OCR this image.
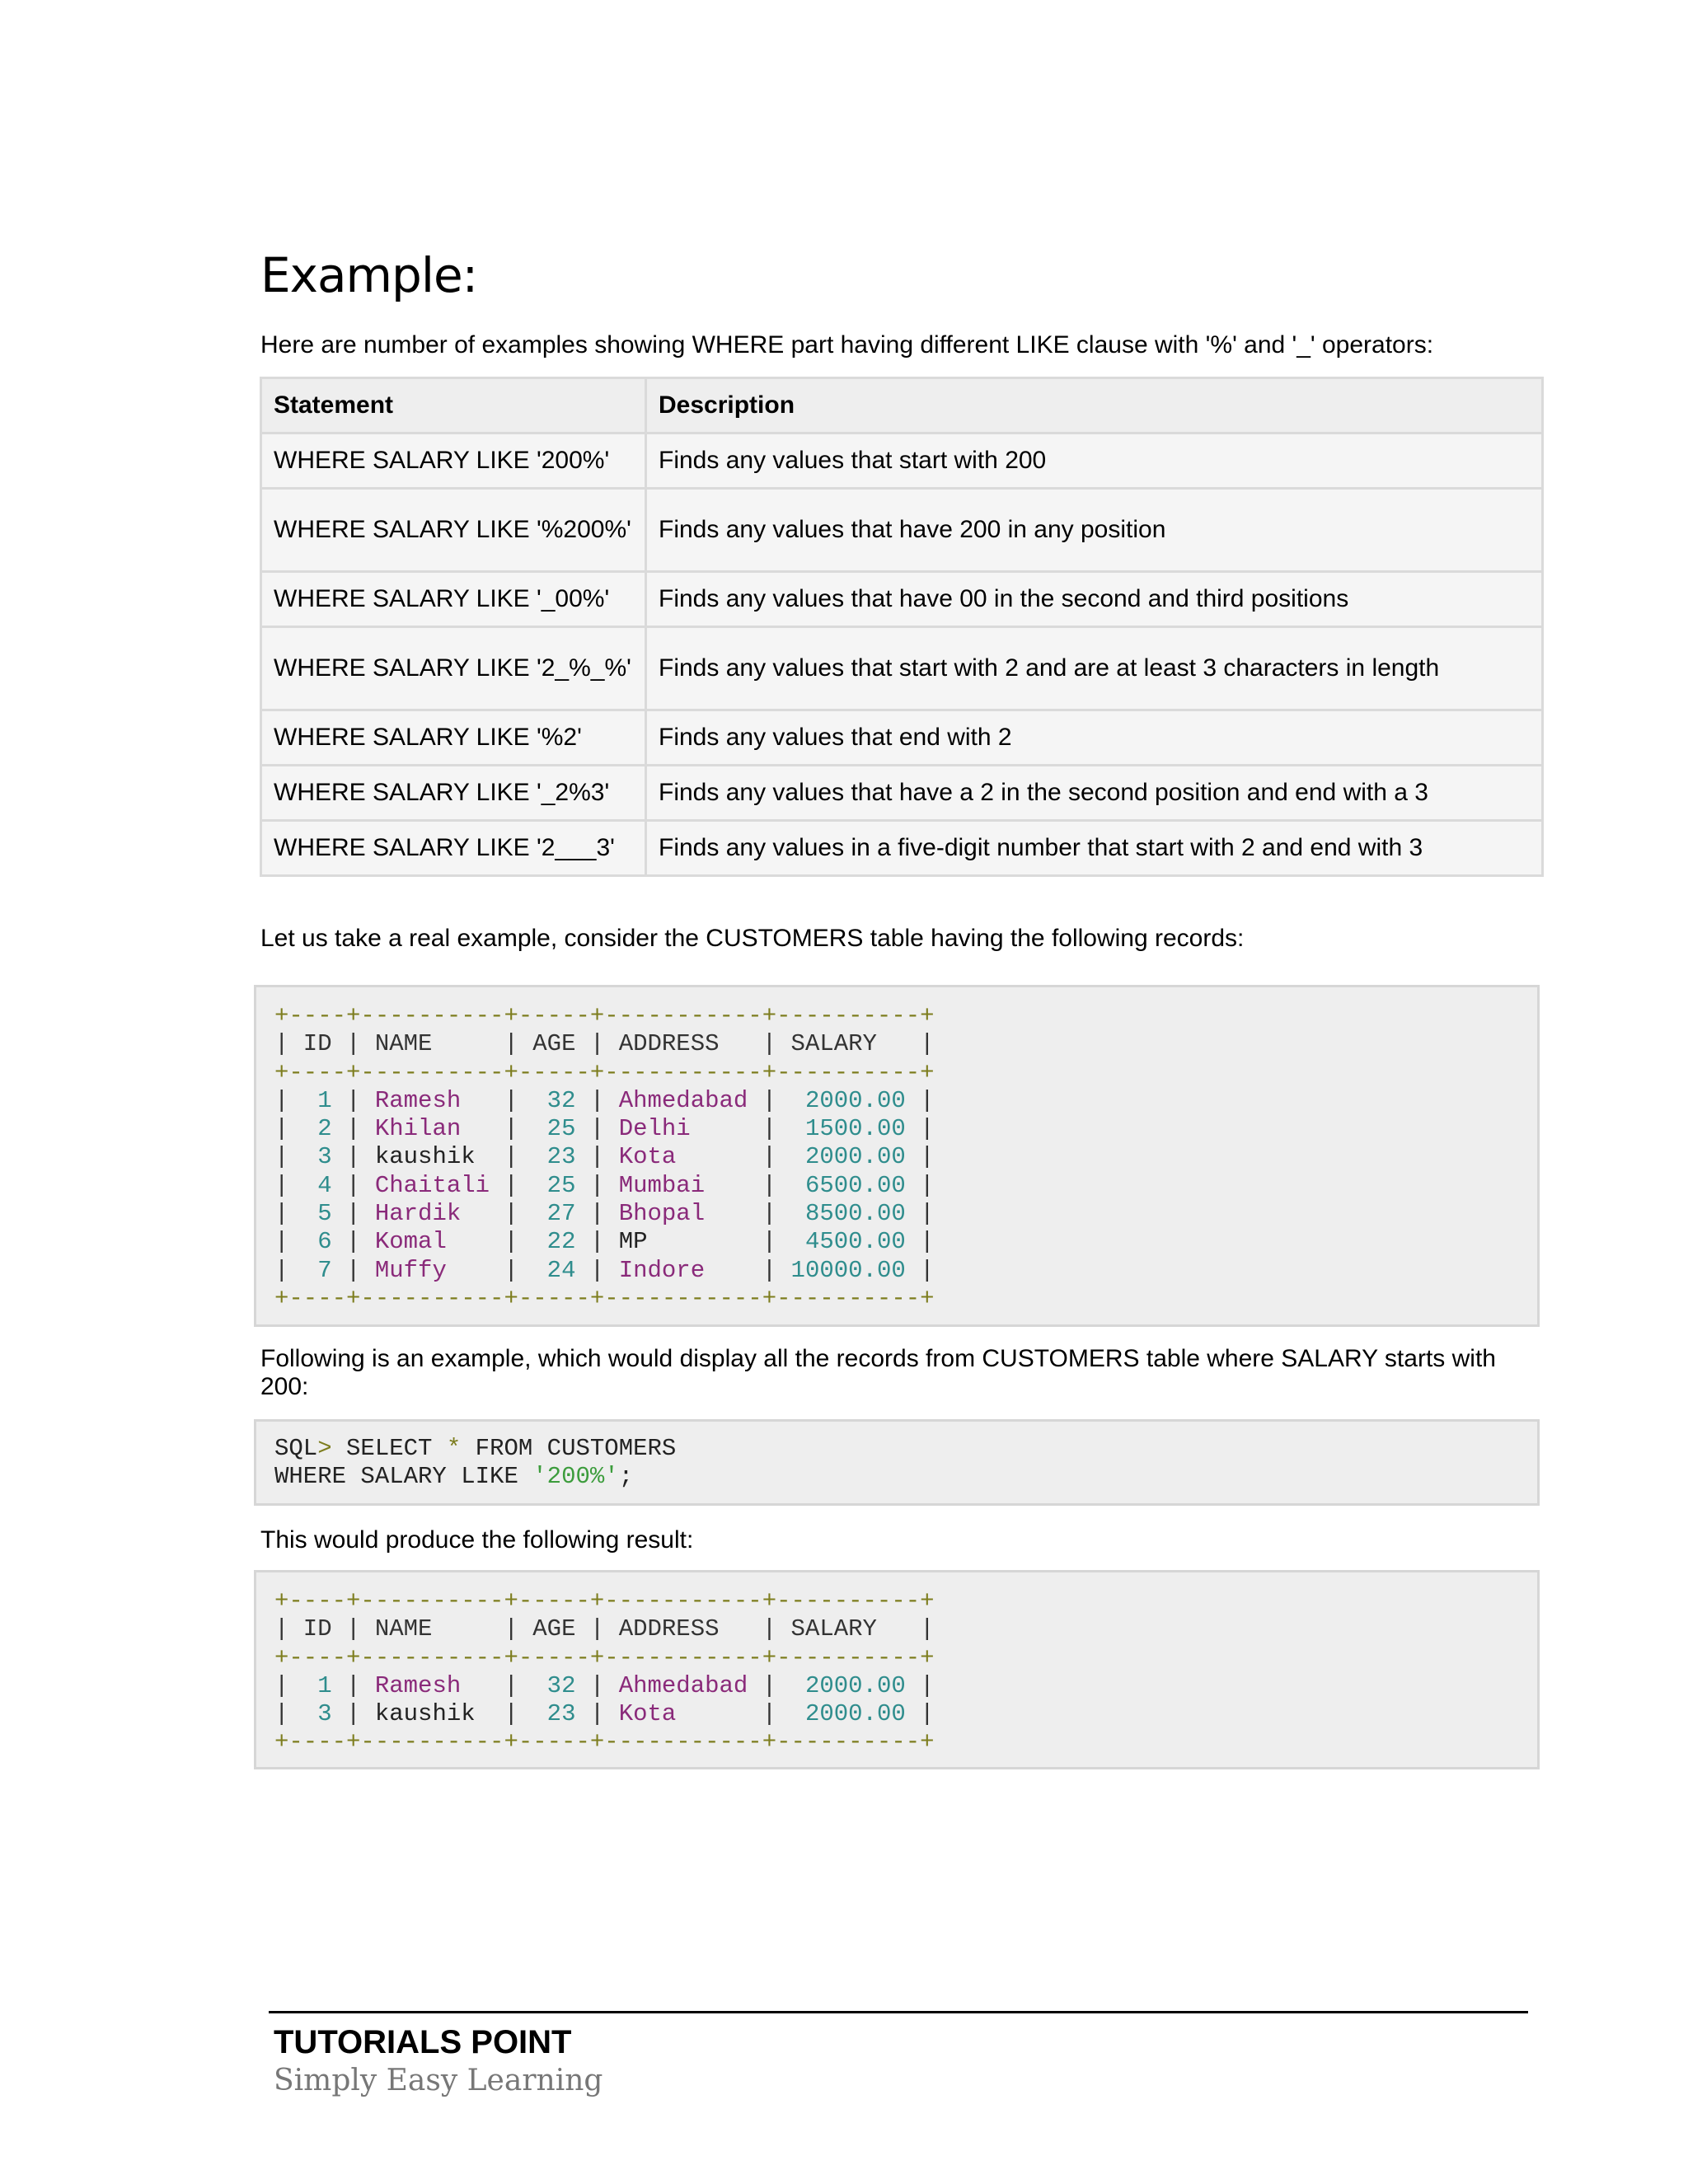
Example:

Here are number of examples showing WHERE part having different LIKE clause with '%' and '_' operators:

Statement	Description
WHERE SALARY LIKE '200%'	Finds any values that start with 200
WHERE SALARY LIKE '%200%'	Finds any values that have 200 in any position
WHERE SALARY LIKE '_00%'	Finds any values that have 00 in the second and third positions
WHERE SALARY LIKE '2_%_%'	Finds any values that start with 2 and are at least 3 characters in length
WHERE SALARY LIKE '%2'	Finds any values that end with 2
WHERE SALARY LIKE '_2%3'	Finds any values that have a 2 in the second position and end with a 3
WHERE SALARY LIKE '2___3'	Finds any values in a five-digit number that start with 2 and end with 3

Let us take a real example, consider the CUSTOMERS table having the following records:

+----+----------+-----+-----------+----------+
| ID | NAME     | AGE | ADDRESS   | SALARY   |
+----+----------+-----+-----------+----------+
|  1 | Ramesh   |  32 | Ahmedabad |  2000.00 |
|  2 | Khilan   |  25 | Delhi     |  1500.00 |
|  3 | kaushik  |  23 | Kota      |  2000.00 |
|  4 | Chaitali |  25 | Mumbai    |  6500.00 |
|  5 | Hardik   |  27 | Bhopal    |  8500.00 |
|  6 | Komal    |  22 | MP        |  4500.00 |
|  7 | Muffy    |  24 | Indore    | 10000.00 |
+----+----------+-----+-----------+----------+

Following is an example, which would display all the records from CUSTOMERS table where SALARY starts with 200:

SQL> SELECT * FROM CUSTOMERS
WHERE SALARY LIKE '200%';

This would produce the following result:

+----+----------+-----+-----------+----------+
| ID | NAME     | AGE | ADDRESS   | SALARY   |
+----+----------+-----+-----------+----------+
|  1 | Ramesh   |  32 | Ahmedabad |  2000.00 |
|  3 | kaushik  |  23 | Kota      |  2000.00 |
+----+----------+-----+-----------+----------+

TUTORIALS POINT

Simply Easy Learning
